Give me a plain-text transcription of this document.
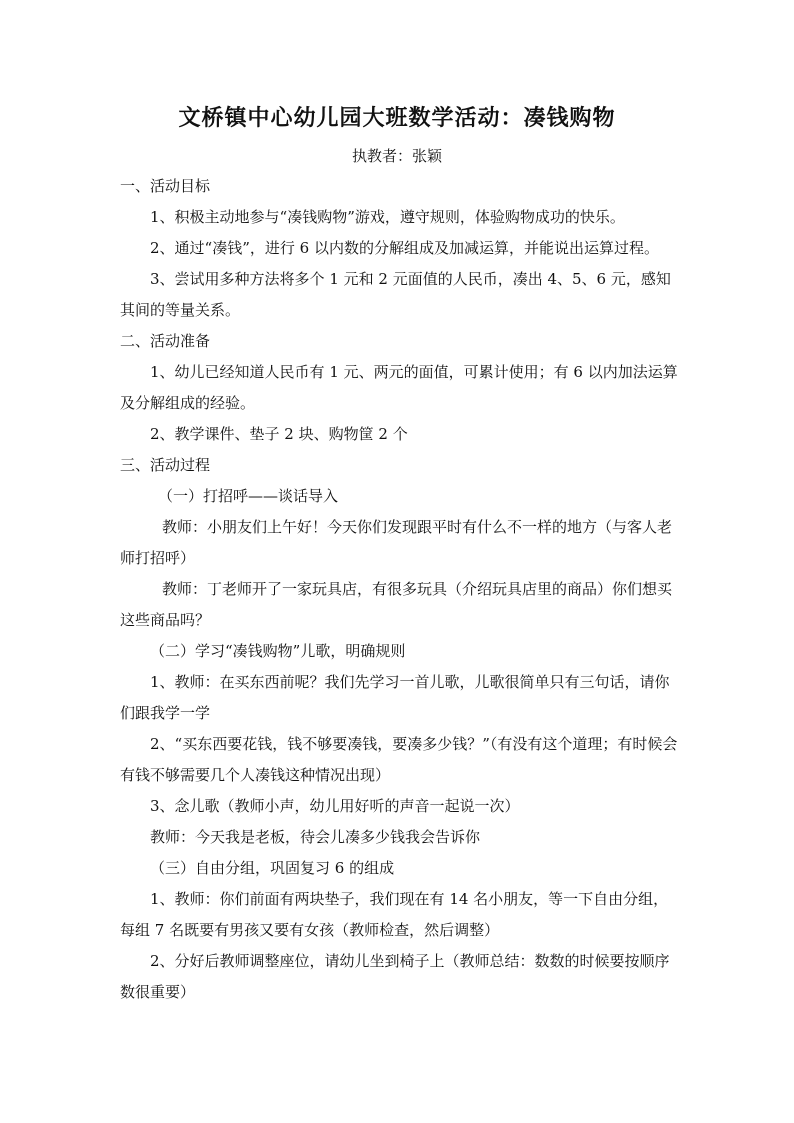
文桥镇中心幼儿园大班数学活动：凑钱购物

执教者：张颖

一、活动目标

1、积极主动地参与“凑钱购物”游戏，遵守规则，体验购物成功的快乐。

2、通过“凑钱”，进行 6 以内数的分解组成及加减运算，并能说出运算过程。

3、尝试用多种方法将多个 1 元和 2 元面值的人民币，凑出 4、5、6 元，感知其间的等量关系。

二、活动准备

1、幼儿已经知道人民币有 1 元、两元的面值，可累计使用；有 6 以内加法运算及分解组成的经验。

2、教学课件、垫子 2 块、购物筐 2 个

三、活动过程

（一）打招呼——谈话导入

教师：小朋友们上午好！今天你们发现跟平时有什么不一样的地方（与客人老师打招呼）

教师：丁老师开了一家玩具店，有很多玩具（介绍玩具店里的商品）你们想买这些商品吗？

（二）学习“凑钱购物”儿歌，明确规则

1、教师：在买东西前呢？我们先学习一首儿歌，儿歌很简单只有三句话，请你们跟我学一学

2、“买东西要花钱，钱不够要凑钱，要凑多少钱？”（有没有这个道理；有时候会有钱不够需要几个人凑钱这种情况出现）

3、念儿歌（教师小声，幼儿用好听的声音一起说一次）

教师：今天我是老板，待会儿凑多少钱我会告诉你

（三）自由分组，巩固复习 6 的组成

1、教师：你们前面有两块垫子，我们现在有 14 名小朋友，等一下自由分组，每组 7 名既要有男孩又要有女孩（教师检查，然后调整）

2、分好后教师调整座位，请幼儿坐到椅子上（教师总结：数数的时候要按顺序数很重要）
